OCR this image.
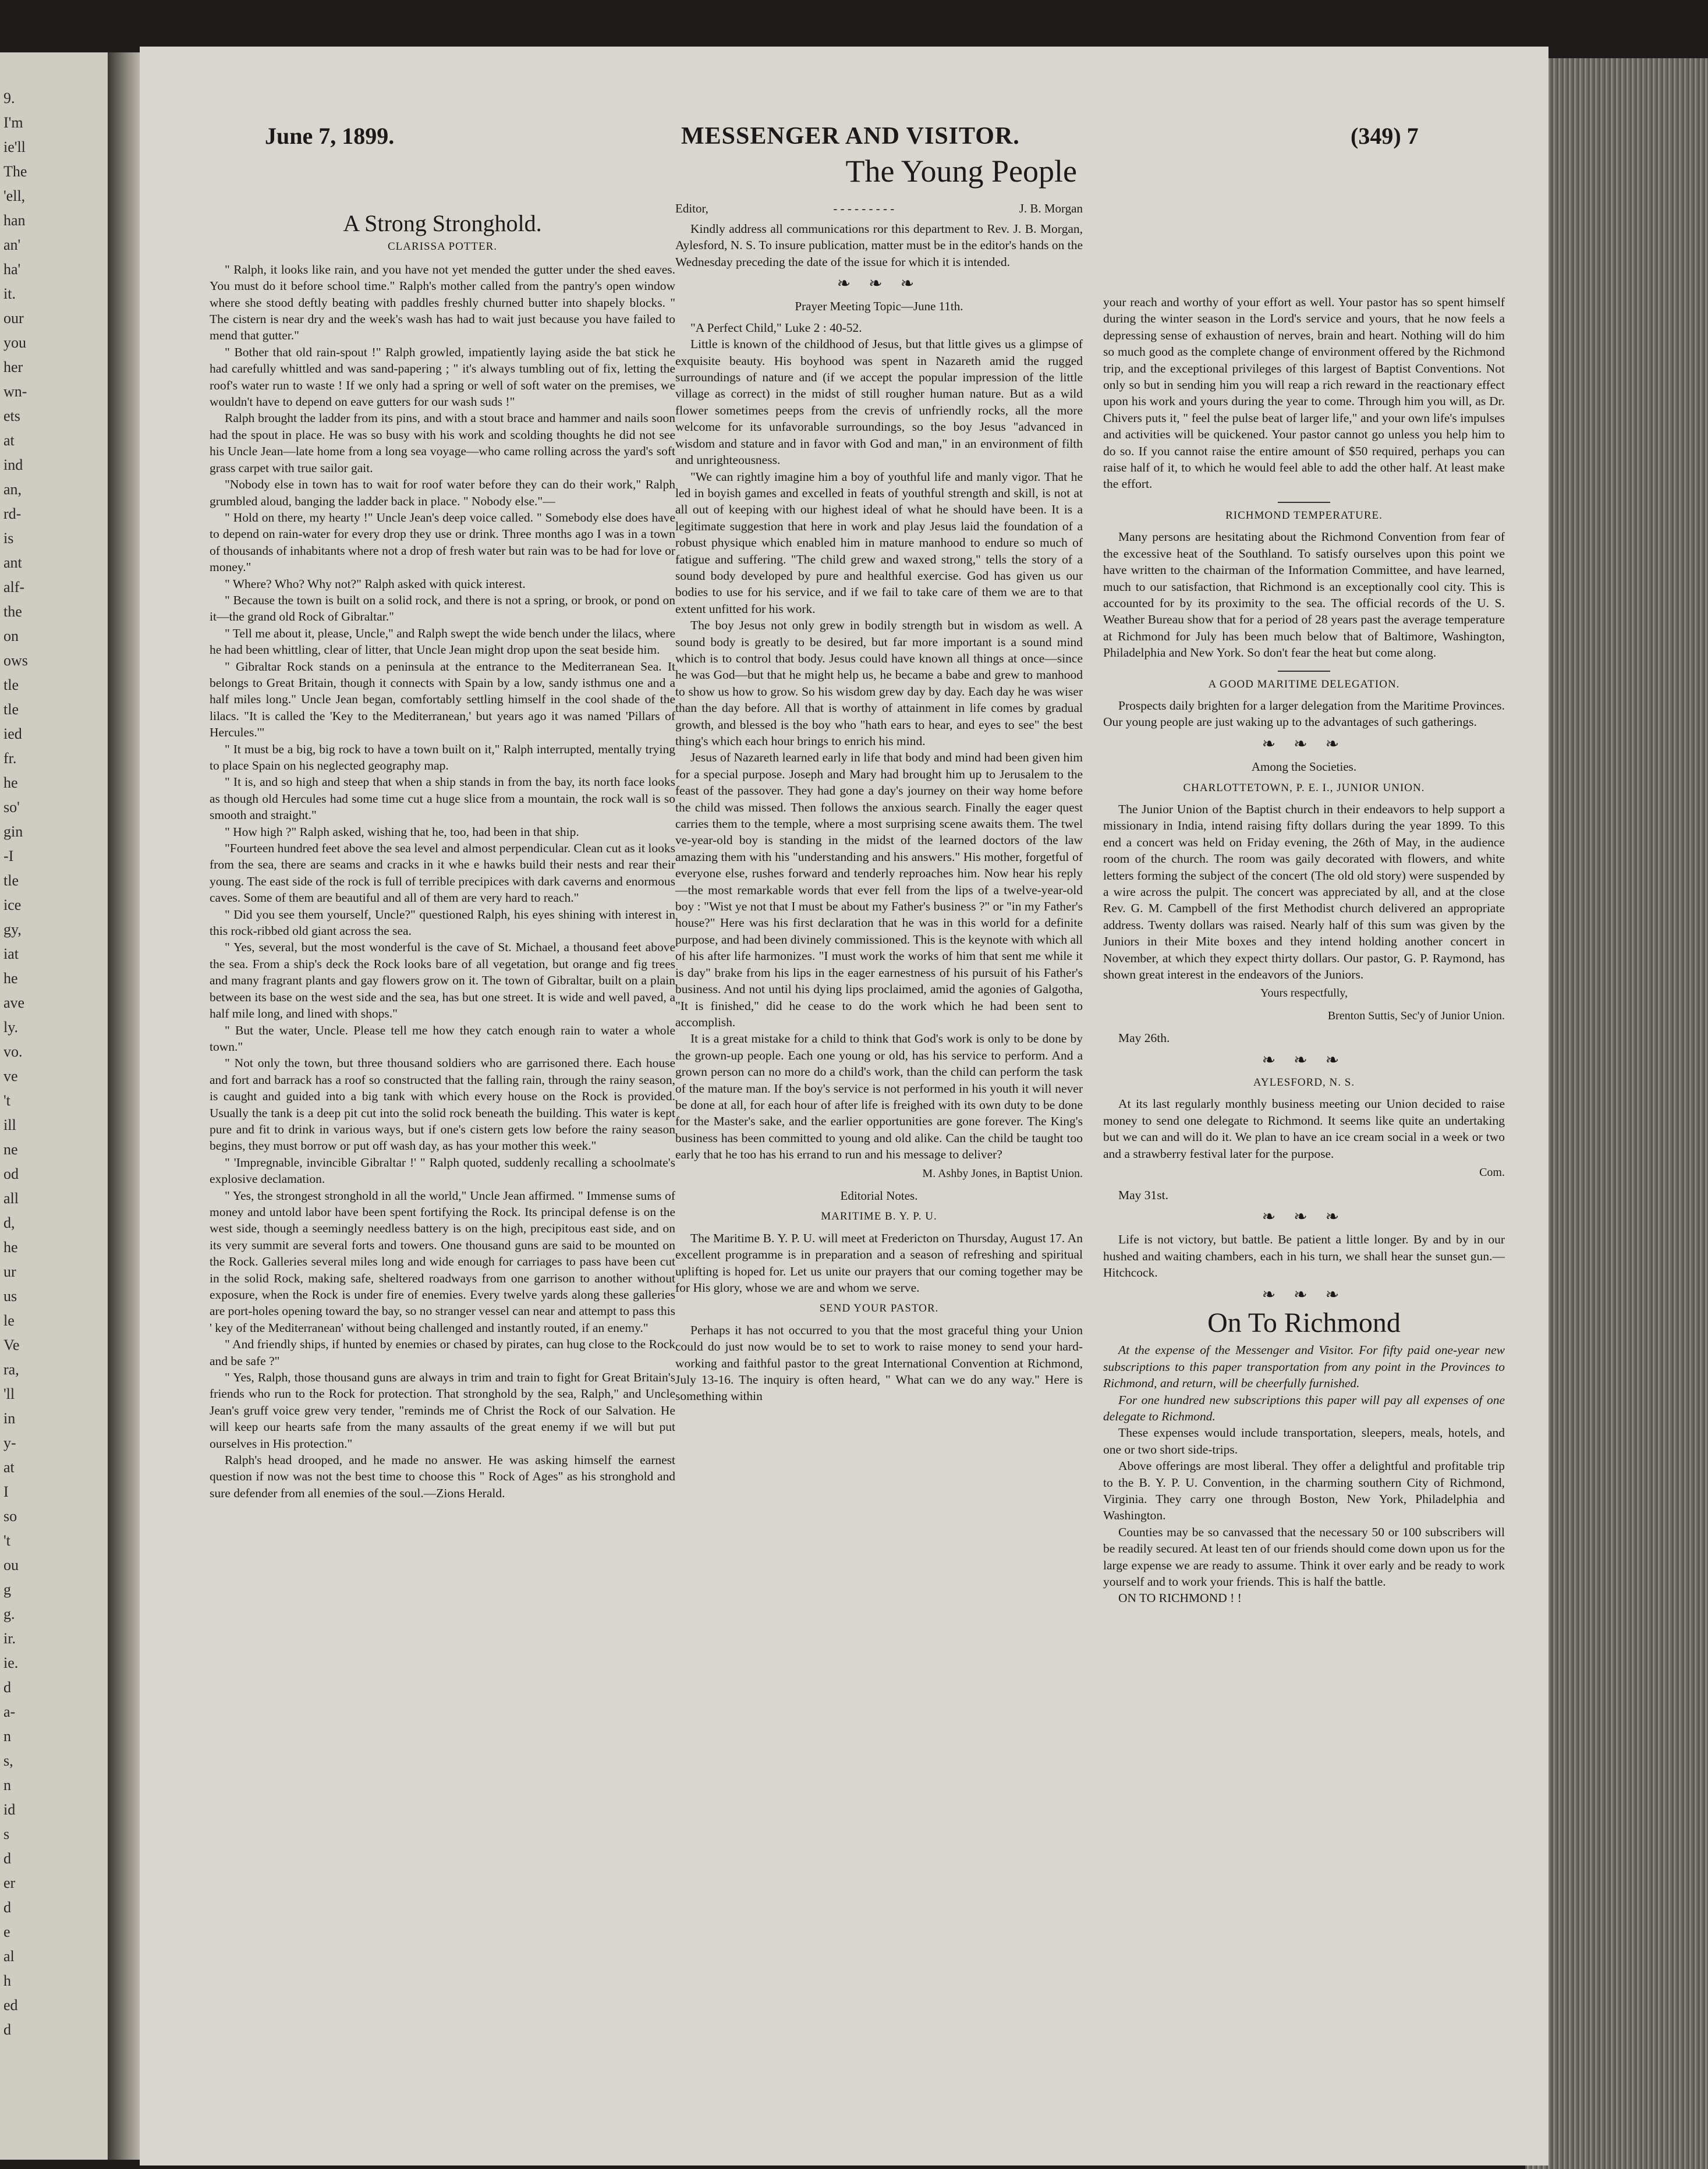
9.
I'm
ie'll
The
'ell,
han
an'
ha'
it.
our
you
her
wn-
ets
at
ind
an,
rd-
is
ant
alf-
the
on
ows
tle
tle
ied
fr.
he
so'
gin
-I
tle
ice
gy,
iat
he
ave
ly.
vo.
ve
't
ill
ne
od
all
d,
he
ur
us
le
Ve
ra,
'll
in
y-
at
I
so
't
ou
g
g.
ir.
ie.
d
a-
n
s,
n
id
s
d
er
d
e
al
h
ed
d
June 7, 1899.	MESSENGER AND VISITOR.	(349) 7
A Strong Stronghold.
CLARISSA POTTER.

" Ralph, it looks like rain, and you have not yet mended the gutter under the shed eaves. You must do it before school time." Ralph's mother called from the pantry's open window where she stood deftly beating with paddles freshly churned butter into shapely blocks. " The cistern is near dry and the week's wash has had to wait just because you have failed to mend that gutter."

" Bother that old rain-spout !" Ralph growled, impatiently laying aside the bat stick he had carefully whittled and was sand-papering ; " it's always tumbling out of fix, letting the roof's water run to waste ! If we only had a spring or well of soft water on the premises, we wouldn't have to depend on eave gutters for our wash suds !"

Ralph brought the ladder from its pins, and with a stout brace and hammer and nails soon had the spout in place. He was so busy with his work and scolding thoughts he did not see his Uncle Jean—late home from a long sea voyage—who came rolling across the yard's soft grass carpet with true sailor gait.

"Nobody else in town has to wait for roof water before they can do their work," Ralph grumbled aloud, banging the ladder back in place. " Nobody else."—

" Hold on there, my hearty !" Uncle Jean's deep voice called. " Somebody else does have to depend on rain-water for every drop they use or drink. Three months ago I was in a town of thousands of inhabitants where not a drop of fresh water but rain was to be had for love or money."

" Where? Who? Why not?" Ralph asked with quick interest.

" Because the town is built on a solid rock, and there is not a spring, or brook, or pond on it—the grand old Rock of Gibraltar."

" Tell me about it, please, Uncle," and Ralph swept the wide bench under the lilacs, where he had been whittling, clear of litter, that Uncle Jean might drop upon the seat beside him.

" Gibraltar Rock stands on a peninsula at the entrance to the Mediterranean Sea. It belongs to Great Britain, though it connects with Spain by a low, sandy isthmus one and a half miles long." Uncle Jean began, comfortably settling himself in the cool shade of the lilacs. "It is called the 'Key to the Mediterranean,' but years ago it was named 'Pillars of Hercules.'"

" It must be a big, big rock to have a town built on it," Ralph interrupted, mentally trying to place Spain on his neglected geography map.

" It is, and so high and steep that when a ship stands in from the bay, its north face looks as though old Hercules had some time cut a huge slice from a mountain, the rock wall is so smooth and straight."

" How high ?" Ralph asked, wishing that he, too, had been in that ship.

"Fourteen hundred feet above the sea level and almost perpendicular. Clean cut as it looks from the sea, there are seams and cracks in it whe e hawks build their nests and rear their young. The east side of the rock is full of terrible precipices with dark caverns and enormous caves. Some of them are beautiful and all of them are very hard to reach."

" Did you see them yourself, Uncle?" questioned Ralph, his eyes shining with interest in this rock-ribbed old giant across the sea.

" Yes, several, but the most wonderful is the cave of St. Michael, a thousand feet above the sea. From a ship's deck the Rock looks bare of all vegetation, but orange and fig trees and many fragrant plants and gay flowers grow on it. The town of Gibraltar, built on a plain between its base on the west side and the sea, has but one street. It is wide and well paved, a half mile long, and lined with shops."

" But the water, Uncle. Please tell me how they catch enough rain to water a whole town."

" Not only the town, but three thousand soldiers who are garrisoned there. Each house and fort and barrack has a roof so constructed that the falling rain, through the rainy season, is caught and guided into a big tank with which every house on the Rock is provided. Usually the tank is a deep pit cut into the solid rock beneath the building. This water is kept pure and fit to drink in various ways, but if one's cistern gets low before the rainy season begins, they must borrow or put off wash day, as has your mother this week."

" 'Impregnable, invincible Gibraltar !' " Ralph quoted, suddenly recalling a schoolmate's explosive declamation.

" Yes, the strongest stronghold in all the world," Uncle Jean affirmed. " Immense sums of money and untold labor have been spent fortifying the Rock. Its principal defense is on the west side, though a seemingly needless battery is on the high, precipitous east side, and on its very summit are several forts and towers. One thousand guns are said to be mounted on the Rock. Galleries several miles long and wide enough for carriages to pass have been cut in the solid Rock, making safe, sheltered roadways from one garrison to another without exposure, when the Rock is under fire of enemies. Every twelve yards along these galleries are port-holes opening toward the bay, so no stranger vessel can near and attempt to pass this ' key of the Mediterranean' without being challenged and instantly routed, if an enemy."

" And friendly ships, if hunted by enemies or chased by pirates, can hug close to the Rock and be safe ?"

" Yes, Ralph, those thousand guns are always in trim and train to fight for Great Britain's friends who run to the Rock for protection. That stronghold by the sea, Ralph," and Uncle Jean's gruff voice grew very tender, "reminds me of Christ the Rock of our Salvation. He will keep our hearts safe from the many assaults of the great enemy if we will but put ourselves in His protection."

Ralph's head drooped, and he made no answer. He was asking himself the earnest question if now was not the best time to choose this " Rock of Ages" as his stronghold and sure defender from all enemies of the soul.—Zions Herald.

The Young People
Editor,	- - - - - - - - -	J. B. Morgan

Kindly address all communications ror this department to Rev. J. B. Morgan, Aylesford, N. S. To insure publication, matter must be in the editor's hands on the Wednesday preceding the date of the issue for which it is intended.

❧ ❧ ❧
Prayer Meeting Topic—June 11th.

"A Perfect Child," Luke 2 : 40-52.

Little is known of the childhood of Jesus, but that little gives us a glimpse of exquisite beauty. His boyhood was spent in Nazareth amid the rugged surroundings of nature and (if we accept the popular impression of the little village as correct) in the midst of still rougher human nature. But as a wild flower sometimes peeps from the crevis of unfriendly rocks, all the more welcome for its unfavorable surroundings, so the boy Jesus "advanced in wisdom and stature and in favor with God and man," in an environment of filth and unrighteousness.

"We can rightly imagine him a boy of youthful life and manly vigor. That he led in boyish games and excelled in feats of youthful strength and skill, is not at all out of keeping with our highest ideal of what he should have been. It is a legitimate suggestion that here in work and play Jesus laid the foundation of a robust physique which enabled him in mature manhood to endure so much of fatigue and suffering. "The child grew and waxed strong," tells the story of a sound body developed by pure and healthful exercise. God has given us our bodies to use for his service, and if we fail to take care of them we are to that extent unfitted for his work.

The boy Jesus not only grew in bodily strength but in wisdom as well. A sound body is greatly to be desired, but far more important is a sound mind which is to control that body. Jesus could have known all things at once—since he was God—but that he might help us, he became a babe and grew to manhood to show us how to grow. So his wisdom grew day by day. Each day he was wiser than the day before. All that is worthy of attainment in life comes by gradual growth, and blessed is the boy who "hath ears to hear, and eyes to see" the best thing's which each hour brings to enrich his mind.

Jesus of Nazareth learned early in life that body and mind had been given him for a special purpose. Joseph and Mary had brought him up to Jerusalem to the feast of the passover. They had gone a day's journey on their way home before the child was missed. Then follows the anxious search. Finally the eager quest carries them to the temple, where a most surprising scene awaits them. The twel ve-year-old boy is standing in the midst of the learned doctors of the law amazing them with his "understanding and his answers." His mother, forgetful of everyone else, rushes forward and tenderly reproaches him. Now hear his reply—the most remarkable words that ever fell from the lips of a twelve-year-old boy : "Wist ye not that I must be about my Father's business ?" or "in my Father's house?" Here was his first declaration that he was in this world for a definite purpose, and had been divinely commissioned. This is the keynote with which all of his after life harmonizes. "I must work the works of him that sent me while it is day" brake from his lips in the eager earnestness of his pursuit of his Father's business. And not until his dying lips proclaimed, amid the agonies of Galgotha, "It is finished," did he cease to do the work which he had been sent to accomplish.

It is a great mistake for a child to think that God's work is only to be done by the grown-up people. Each one young or old, has his service to perform. And a grown person can no more do a child's work, than the child can perform the task of the mature man. If the boy's service is not performed in his youth it will never be done at all, for each hour of after life is freighed with its own duty to be done for the Master's sake, and the earlier opportunities are gone forever. The King's business has been committed to young and old alike. Can the child be taught too early that he too has his errand to run and his message to deliver?

M. Ashby Jones, in Baptist Union.
Editorial Notes.
MARITIME B. Y. P. U.

The Maritime B. Y. P. U. will meet at Fredericton on Thursday, August 17. An excellent programme is in preparation and a season of refreshing and spiritual uplifting is hoped for. Let us unite our prayers that our coming together may be for His glory, whose we are and whom we serve.

SEND YOUR PASTOR.

Perhaps it has not occurred to you that the most graceful thing your Union could do just now would be to set to work to raise money to send your hard-working and faithful pastor to the great International Convention at Richmond, July 13-16. The inquiry is often heard, " What can we do any way." Here is something within

your reach and worthy of your effort as well. Your pastor has so spent himself during the winter season in the Lord's service and yours, that he now feels a depressing sense of exhaustion of nerves, brain and heart. Nothing will do him so much good as the complete change of environment offered by the Richmond trip, and the exceptional privileges of this largest of Baptist Conventions. Not only so but in sending him you will reap a rich reward in the reactionary effect upon his work and yours during the year to come. Through him you will, as Dr. Chivers puts it, " feel the pulse beat of larger life," and your own life's impulses and activities will be quickened. Your pastor cannot go unless you help him to do so. If you cannot raise the entire amount of $50 required, perhaps you can raise half of it, to which he would feel able to add the other half. At least make the effort.

RICHMOND TEMPERATURE.

Many persons are hesitating about the Richmond Convention from fear of the excessive heat of the Southland. To satisfy ourselves upon this point we have written to the chairman of the Information Committee, and have learned, much to our satisfaction, that Richmond is an exceptionally cool city. This is accounted for by its proximity to the sea. The official records of the U. S. Weather Bureau show that for a period of 28 years past the average temperature at Richmond for July has been much below that of Baltimore, Washington, Philadelphia and New York. So don't fear the heat but come along.

A GOOD MARITIME DELEGATION.

Prospects daily brighten for a larger delegation from the Maritime Provinces. Our young people are just waking up to the advantages of such gatherings.

❧ ❧ ❧
Among the Societies.
CHARLOTTETOWN, P. E. I., JUNIOR UNION.

The Junior Union of the Baptist church in their endeavors to help support a missionary in India, intend raising fifty dollars during the year 1899. To this end a concert was held on Friday evening, the 26th of May, in the audience room of the church. The room was gaily decorated with flowers, and white letters forming the subject of the concert (The old old story) were suspended by a wire across the pulpit. The concert was appreciated by all, and at the close Rev. G. M. Campbell of the first Methodist church delivered an appropriate address. Twenty dollars was raised. Nearly half of this sum was given by the Juniors in their Mite boxes and they intend holding another concert in November, at which they expect thirty dollars. Our pastor, G. P. Raymond, has shown great interest in the endeavors of the Juniors.

Yours respectfully,
Brenton Suttis, Sec'y of Junior Union.

May 26th.

❧ ❧ ❧
AYLESFORD, N. S.

At its last regularly monthly business meeting our Union decided to raise money to send one delegate to Richmond. It seems like quite an undertaking but we can and will do it. We plan to have an ice cream social in a week or two and a strawberry festival later for the purpose.

Com.

May 31st.

❧ ❧ ❧

Life is not victory, but battle. Be patient a little longer. By and by in our hushed and waiting chambers, each in his turn, we shall hear the sunset gun.—Hitchcock.

❧ ❧ ❧
On To Richmond

At the expense of the Messenger and Visitor. For fifty paid one-year new subscriptions to this paper transportation from any point in the Provinces to Richmond, and return, will be cheerfully furnished.

For one hundred new subscriptions this paper will pay all expenses of one delegate to Richmond.

These expenses would include transportation, sleepers, meals, hotels, and one or two short side-trips.

Above offerings are most liberal. They offer a delightful and profitable trip to the B. Y. P. U. Convention, in the charming southern City of Richmond, Virginia. They carry one through Boston, New York, Philadelphia and Washington.

Counties may be so canvassed that the necessary 50 or 100 subscribers will be readily secured. At least ten of our friends should come down upon us for the large expense we are ready to assume. Think it over early and be ready to work yourself and to work your friends. This is half the battle.

ON TO RICHMOND ! !
